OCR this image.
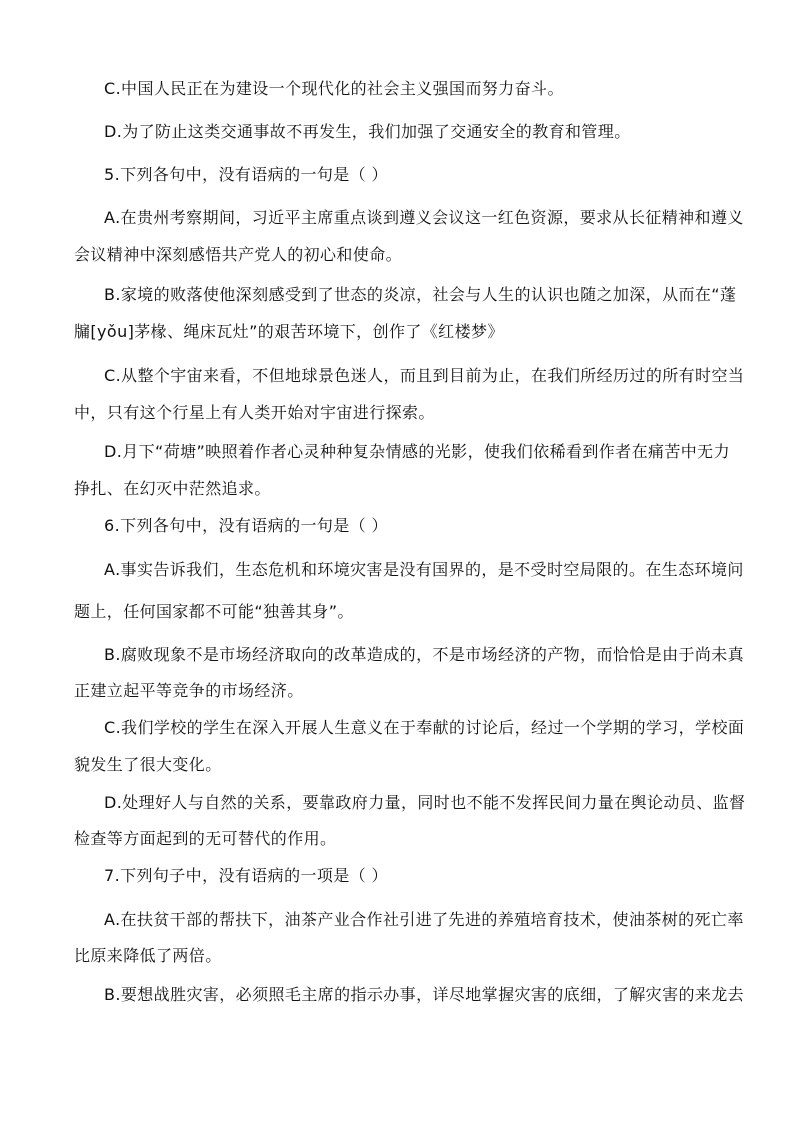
C.中国人民正在为建设一个现代化的社会主义强国而努力奋斗。
D.为了防止这类交通事故不再发生，我们加强了交通安全的教育和管理。
5.下列各句中，没有语病的一句是（ ）
A.在贵州考察期间，习近平主席重点谈到遵义会议这一红色资源，要求从长征精神和遵义
会议精神中深刻感悟共产党人的初心和使命。
B.家境的败落使他深刻感受到了世态的炎凉，社会与人生的认识也随之加深，从而在“蓬
牖[yǒu]茅椽、绳床瓦灶”的艰苦环境下，创作了《红楼梦》
C.从整个宇宙来看，不但地球景色迷人，而且到目前为止，在我们所经历过的所有时空当
中，只有这个行星上有人类开始对宇宙进行探索。
D.月下“荷塘”映照着作者心灵种种复杂情感的光影，使我们依稀看到作者在痛苦中无力
挣扎、在幻灭中茫然追求。
6.下列各句中，没有语病的一句是（ ）
A.事实告诉我们，生态危机和环境灾害是没有国界的，是不受时空局限的。在生态环境问
题上，任何国家都不可能“独善其身”。
B.腐败现象不是市场经济取向的改革造成的，不是市场经济的产物，而恰恰是由于尚未真
正建立起平等竞争的市场经济。
C.我们学校的学生在深入开展人生意义在于奉献的讨论后，经过一个学期的学习，学校面
貌发生了很大变化。
D.处理好人与自然的关系，要靠政府力量，同时也不能不发挥民间力量在舆论动员、监督
检查等方面起到的无可替代的作用。
7.下列句子中，没有语病的一项是（ ）
A.在扶贫干部的帮扶下，油茶产业合作社引进了先进的养殖培育技术，使油茶树的死亡率
比原来降低了两倍。
B.要想战胜灾害，必须照毛主席的指示办事，详尽地掌握灾害的底细，了解灾害的来龙去
